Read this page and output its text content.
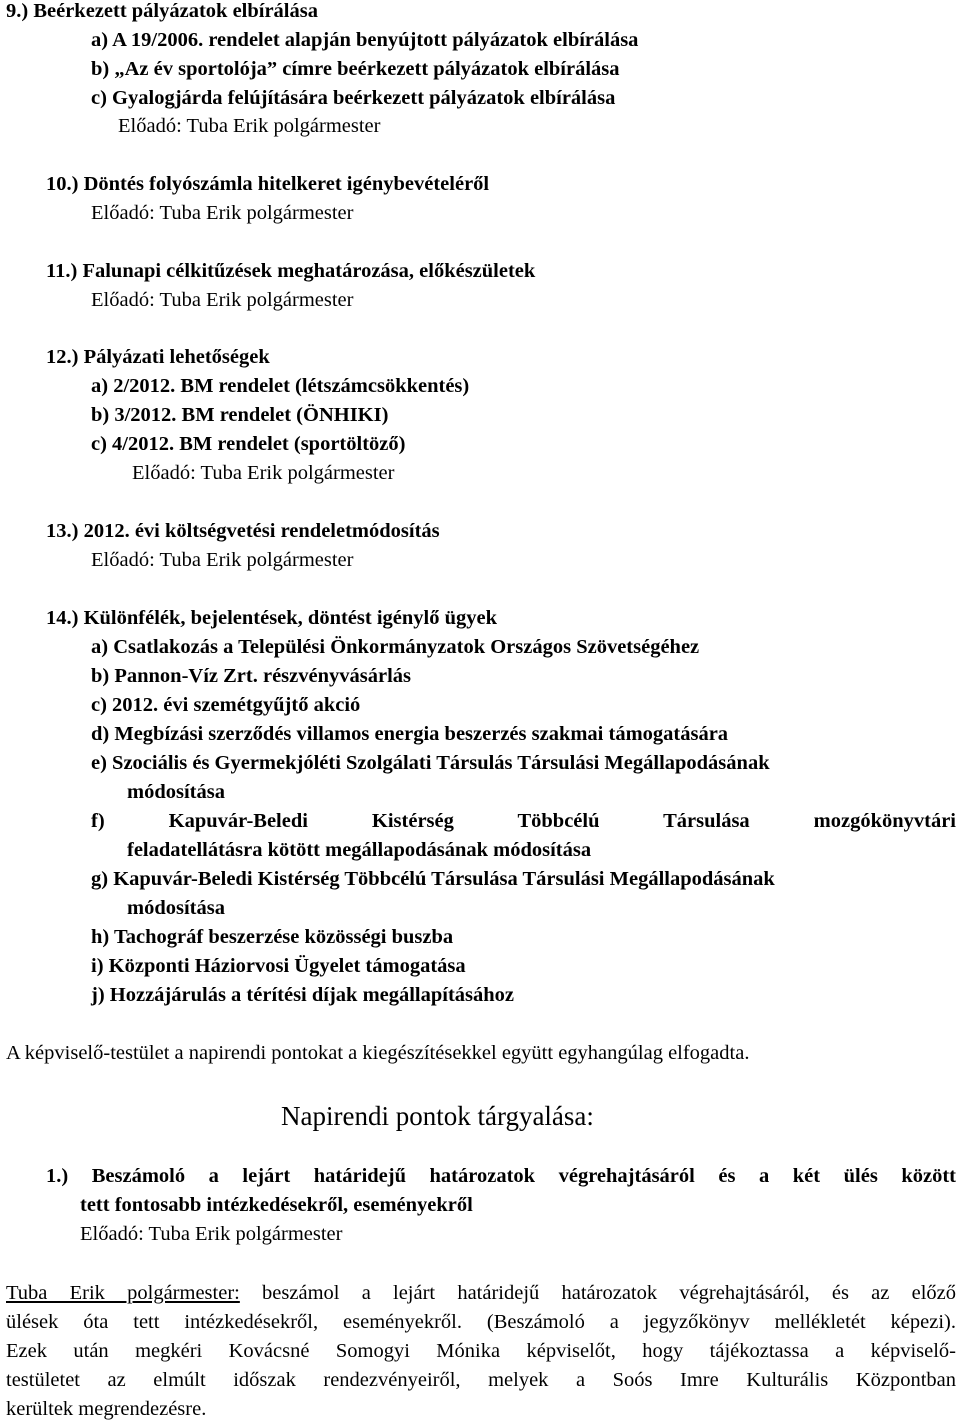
9.) Beérkezett pályázatok elbírálása
a) A 19/2006. rendelet alapján benyújtott pályázatok elbírálása
b) „Az év sportolója” címre beérkezett pályázatok elbírálása
c) Gyalogjárda felújítására beérkezett pályázatok elbírálása
Előadó: Tuba Erik polgármester
10.) Döntés folyószámla hitelkeret igénybevételéről
Előadó: Tuba Erik polgármester
11.) Falunapi célkitűzések meghatározása, előkészületek
Előadó: Tuba Erik polgármester
12.) Pályázati lehetőségek
a) 2/2012. BM rendelet (létszámcsökkentés)
b) 3/2012. BM rendelet (ÖNHIKI)
c) 4/2012. BM rendelet (sportöltöző)
Előadó: Tuba Erik polgármester
13.) 2012. évi költségvetési rendeletmódosítás
Előadó: Tuba Erik polgármester
14.) Különfélék, bejelentések, döntést igénylő ügyek
a) Csatlakozás a Települési Önkormányzatok Országos Szövetségéhez
b) Pannon-Víz Zrt. részvényvásárlás
c) 2012. évi szemétgyűjtő akció
d) Megbízási szerződés villamos energia beszerzés szakmai támogatására
e) Szociális és Gyermekjóléti Szolgálati Társulás Társulási Megállapodásának
módosítása
f) Kapuvár-Beledi Kistérség Többcélú Társulása mozgókönyvtári
feladatellátásra kötött megállapodásának módosítása
g) Kapuvár-Beledi Kistérség Többcélú Társulása Társulási Megállapodásának
módosítása
h) Tachográf beszerzése közösségi buszba
i) Központi Háziorvosi Ügyelet támogatása
j) Hozzájárulás a térítési díjak megállapításához
A képviselő-testület a napirendi pontokat a kiegészítésekkel együtt egyhangúlag elfogadta.
Napirendi pontok tárgyalása:
1.) Beszámoló a lejárt határidejű határozatok végrehajtásáról és a két ülés között
tett fontosabb intézkedésekről, eseményekről
Előadó: Tuba Erik polgármester
Tuba Erik polgármester: beszámol a lejárt határidejű határozatok végrehajtásáról, és az előző
ülések óta tett intézkedésekről, eseményekről. (Beszámoló a jegyzőkönyv mellékletét képezi).
Ezek után megkéri Kovácsné Somogyi Mónika képviselőt, hogy tájékoztassa a képviselő-
testületet az elmúlt időszak rendezvényeiről, melyek a Soós Imre Kulturális Központban
kerültek megrendezésre.
